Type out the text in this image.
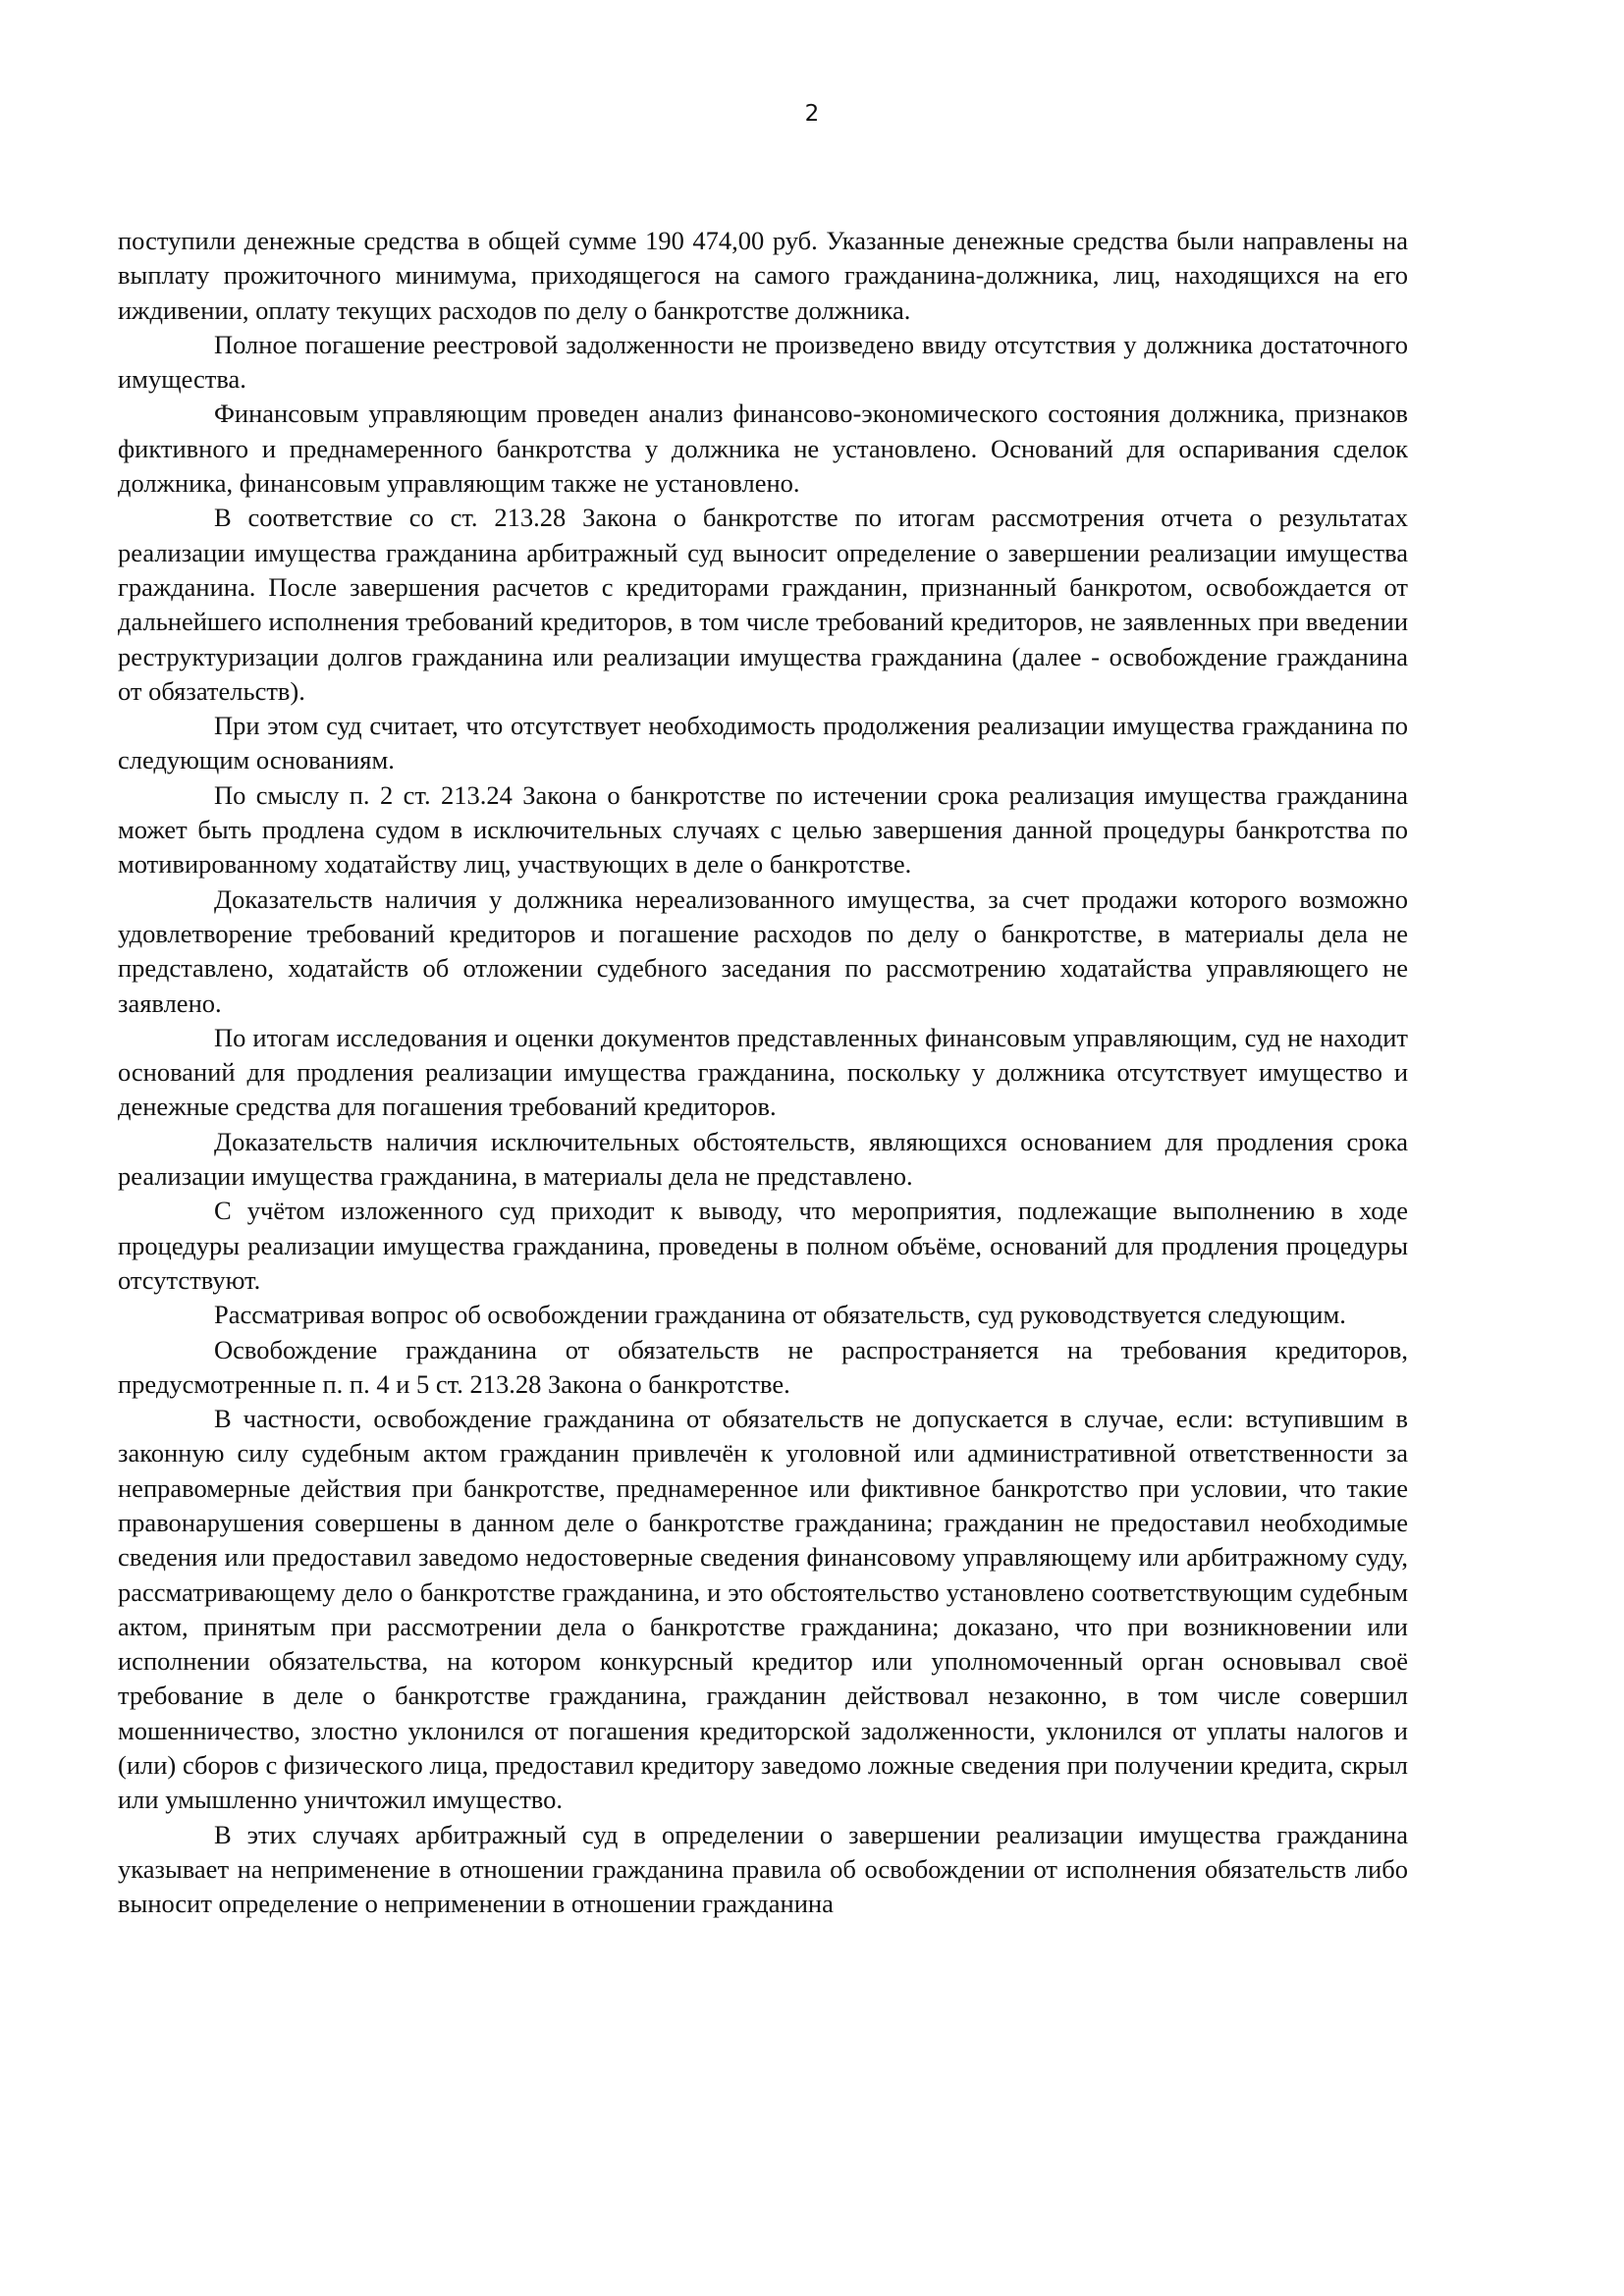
2

поступили денежные средства в общей сумме 190 474,00 руб. Указанные денежные средства были направлены на выплату прожиточного минимума, приходящегося на самого гражданина-должника, лиц, находящихся на его иждивении, оплату текущих расходов по делу о банкротстве должника.

Полное погашение реестровой задолженности не произведено ввиду отсутствия у должника достаточного имущества.

Финансовым управляющим проведен анализ финансово-экономического состояния должника, признаков фиктивного и преднамеренного банкротства у должника не установлено. Оснований для оспаривания сделок должника, финансовым управляющим также не установлено.

В соответствие со ст. 213.28 Закона о банкротстве по итогам рассмотрения отчета о результатах реализации имущества гражданина арбитражный суд выносит определение о завершении реализации имущества гражданина. После завершения расчетов с кредиторами гражданин, признанный банкротом, освобождается от дальнейшего исполнения требований кредиторов, в том числе требований кредиторов, не заявленных при введении реструктуризации долгов гражданина или реализации имущества гражданина (далее - освобождение гражданина от обязательств).

При этом суд считает, что отсутствует необходимость продолжения реализации имущества гражданина по следующим основаниям.

По смыслу п. 2 ст. 213.24 Закона о банкротстве по истечении срока реализация имущества гражданина может быть продлена судом в исключительных случаях с целью завершения данной процедуры банкротства по мотивированному ходатайству лиц, участвующих в деле о банкротстве.

Доказательств наличия у должника нереализованного имущества, за счет продажи которого возможно удовлетворение требований кредиторов и погашение расходов по делу о банкротстве, в материалы дела не представлено, ходатайств об отложении судебного заседания по рассмотрению ходатайства управляющего не заявлено.

По итогам исследования и оценки документов представленных финансовым управляющим, суд не находит оснований для продления реализации имущества гражданина, поскольку у должника отсутствует имущество и денежные средства для погашения требований кредиторов.

Доказательств наличия исключительных обстоятельств, являющихся основанием для продления срока реализации имущества гражданина, в материалы дела не представлено.

С учётом изложенного суд приходит к выводу, что мероприятия, подлежащие выполнению в ходе процедуры реализации имущества гражданина, проведены в полном объёме, оснований для продления процедуры отсутствуют.

Рассматривая вопрос об освобождении гражданина от обязательств, суд руководствуется следующим.

Освобождение гражданина от обязательств не распространяется на требования кредиторов, предусмотренные п. п. 4 и 5 ст. 213.28 Закона о банкротстве.

В частности, освобождение гражданина от обязательств не допускается в случае, если: вступившим в законную силу судебным актом гражданин привлечён к уголовной или административной ответственности за неправомерные действия при банкротстве, преднамеренное или фиктивное банкротство при условии, что такие правонарушения совершены в данном деле о банкротстве гражданина; гражданин не предоставил необходимые сведения или предоставил заведомо недостоверные сведения финансовому управляющему или арбитражному суду, рассматривающему дело о банкротстве гражданина, и это обстоятельство установлено соответствующим судебным актом, принятым при рассмотрении дела о банкротстве гражданина; доказано, что при возникновении или исполнении обязательства, на котором конкурсный кредитор или уполномоченный орган основывал своё требование в деле о банкротстве гражданина, гражданин действовал незаконно, в том числе совершил мошенничество, злостно уклонился от погашения кредиторской задолженности, уклонился от уплаты налогов и (или) сборов с физического лица, предоставил кредитору заведомо ложные сведения при получении кредита, скрыл или умышленно уничтожил имущество.

В этих случаях арбитражный суд в определении о завершении реализации имущества гражданина указывает на неприменение в отношении гражданина правила об освобождении от исполнения обязательств либо выносит определение о неприменении в отношении гражданина
